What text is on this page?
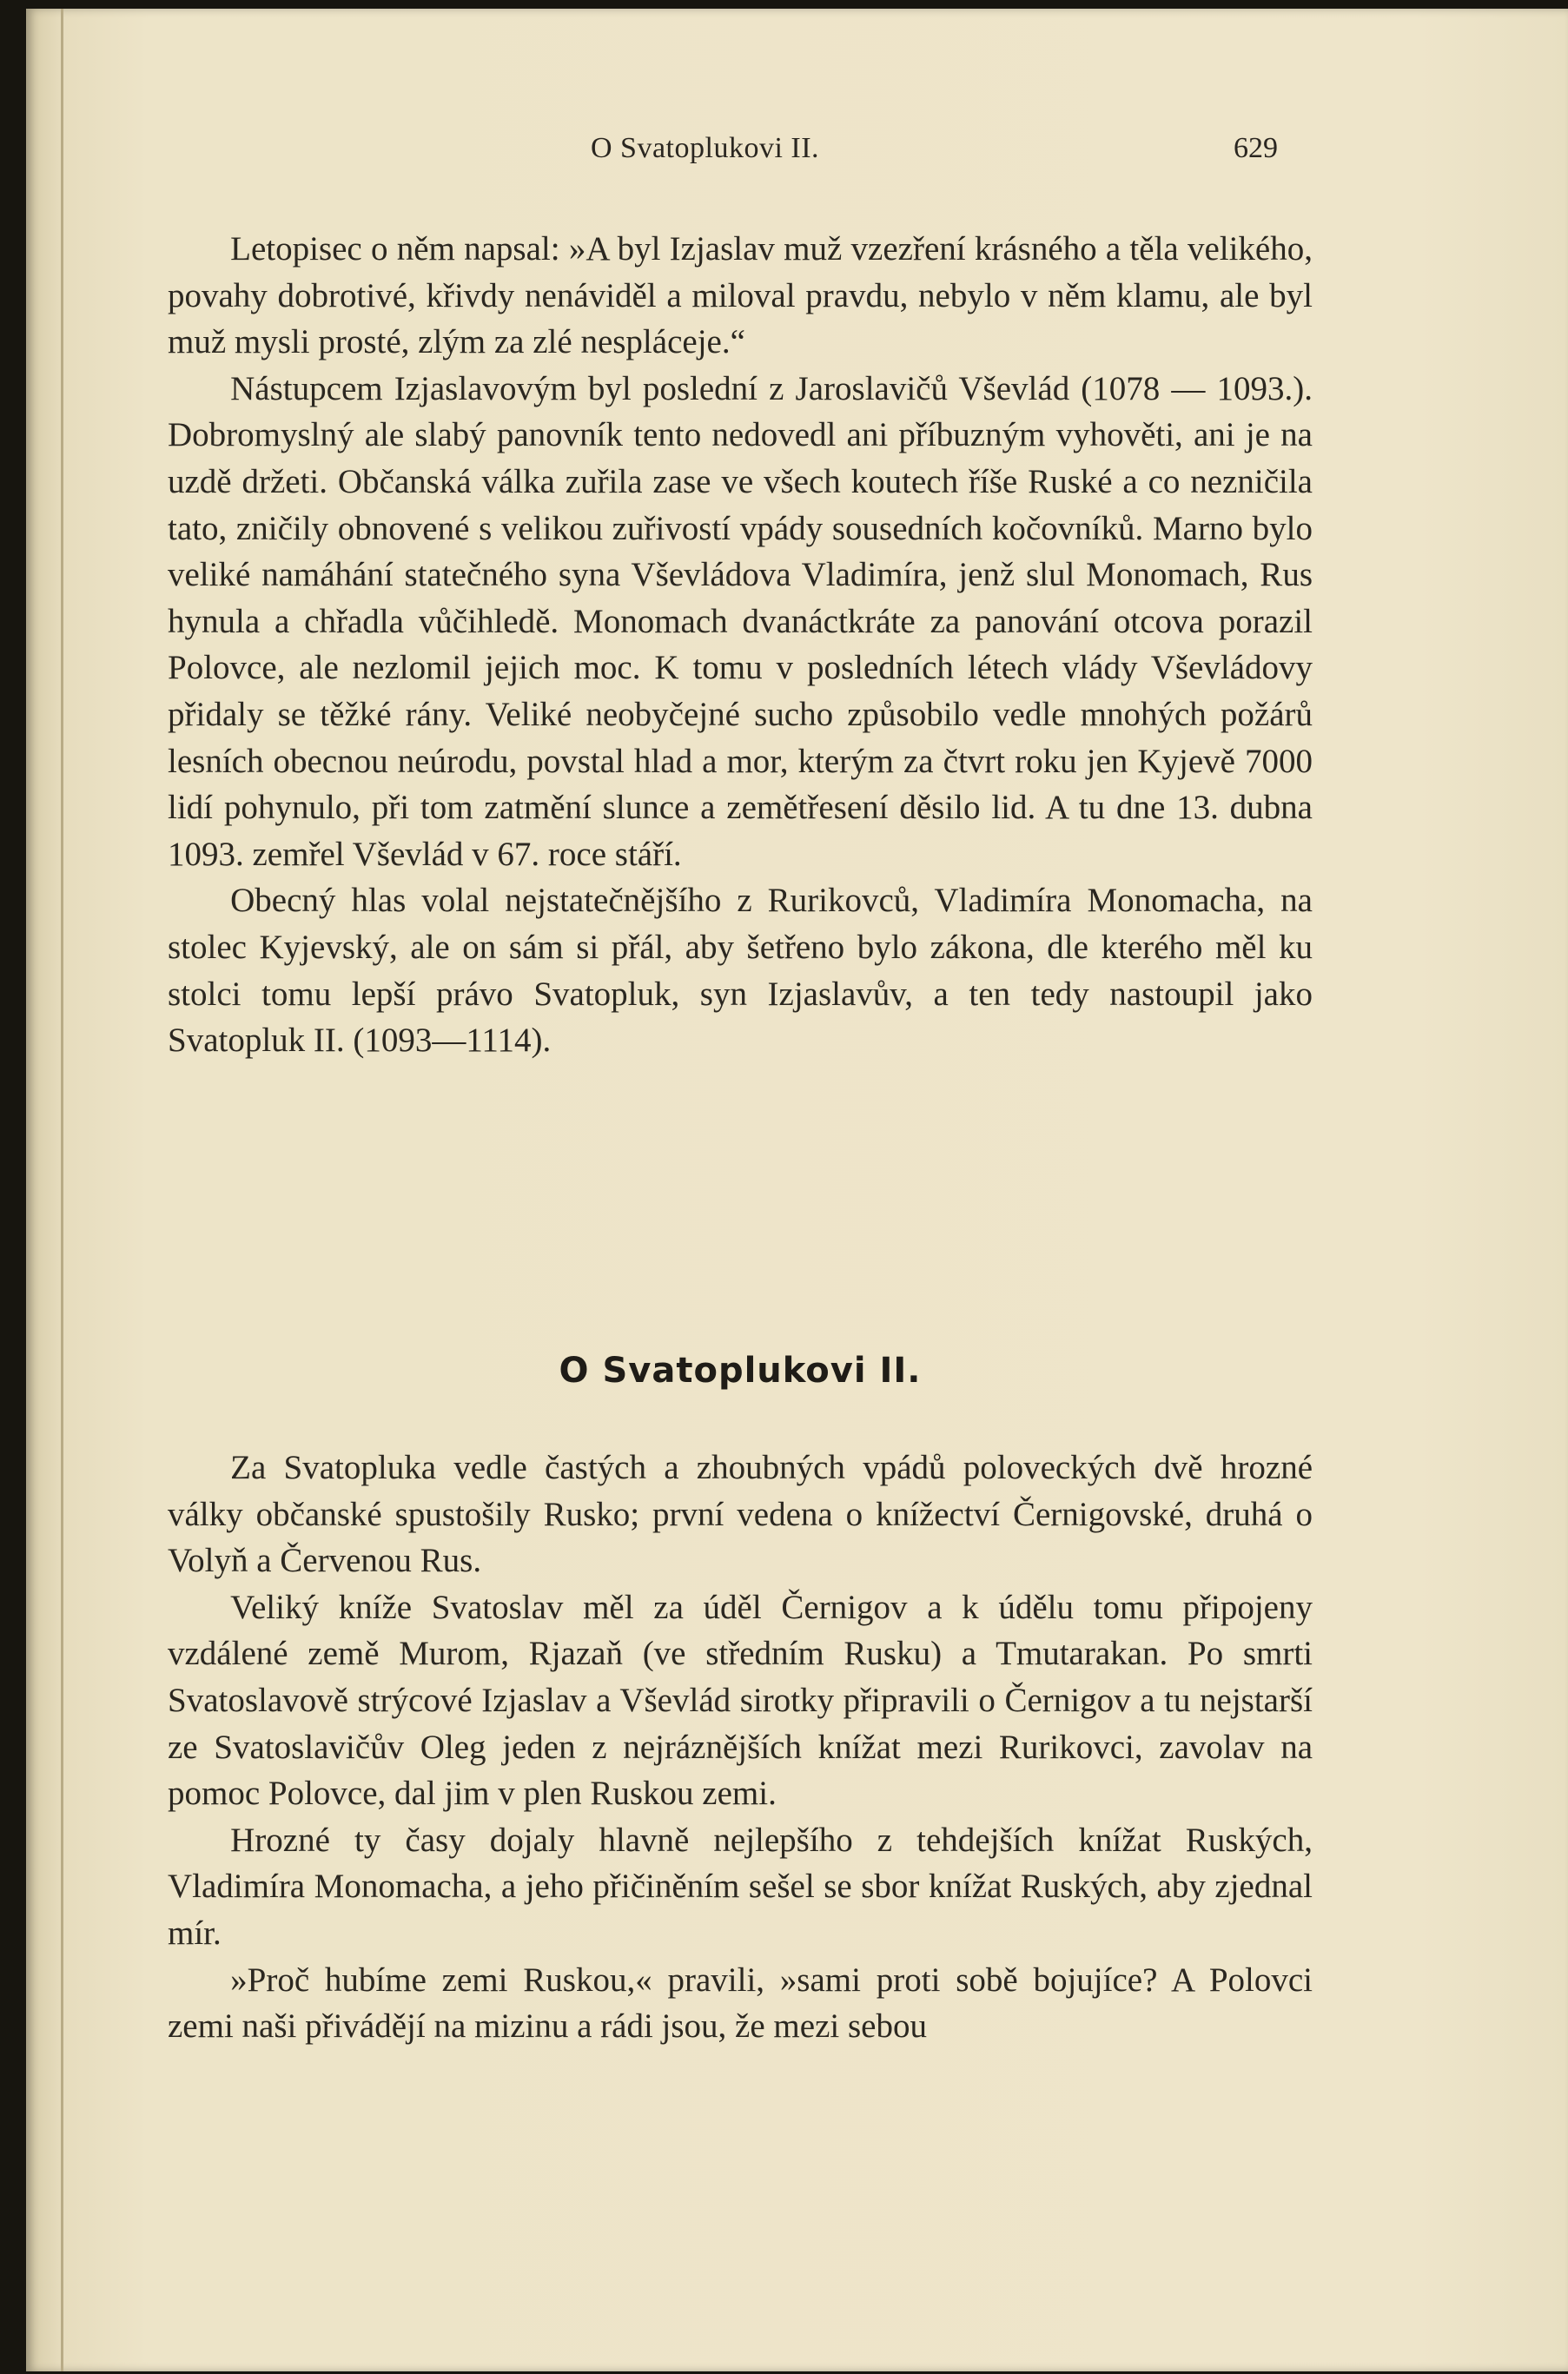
O Svatoplukovi II.	629

Letopisec o něm napsal: »A byl Izjaslav muž vzezření krásného a těla velikého, povahy dobrotivé, křivdy nenáviděl a miloval pravdu, nebylo v něm klamu, ale byl muž mysli prosté, zlým za zlé nespláceje.“

Nástupcem Izjaslavovým byl poslední z Jaroslavičů Vševlád (1078 — 1093.). Dobromyslný ale slabý panovník tento nedovedl ani příbuzným vyhověti, ani je na uzdě držeti. Občanská válka zuřila zase ve všech koutech říše Ruské a co nezničila tato, zničily obnovené s velikou zuřivostí vpády sousedních kočovníků. Marno bylo veliké namáhání statečného syna Vševládova Vladimíra, jenž slul Monomach, Rus hynula a chřadla vůčihledě. Monomach dvanáctkráte za panování otcova porazil Polovce, ale nezlomil jejich moc. K tomu v posledních létech vlády Vševládovy přidaly se těžké rány. Veliké neobyčejné sucho způsobilo vedle mnohých požárů lesních obecnou neúrodu, povstal hlad a mor, kterým za čtvrt roku jen Kyjevě 7000 lidí pohynulo, při tom zatmění slunce a zemětřesení děsilo lid. A tu dne 13. dubna 1093. zemřel Vševlád v 67. roce stáří.

Obecný hlas volal nejstatečnějšího z Rurikovců, Vladimíra Monomacha, na stolec Kyjevský, ale on sám si přál, aby šetřeno bylo zákona, dle kterého měl ku stolci tomu lepší právo Svatopluk, syn Izjaslavův, a ten tedy nastoupil jako Svatopluk II. (1093—1114).

O Svatoplukovi II.

Za Svatopluka vedle častých a zhoubných vpádů poloveckých dvě hrozné války občanské spustošily Rusko; první vedena o knížectví Černigovské, druhá o Volyň a Červenou Rus.

Veliký kníže Svatoslav měl za úděl Černigov a k údělu tomu připojeny vzdálené země Murom, Rjazaň (ve středním Rusku) a Tmutarakan. Po smrti Svatoslavově strýcové Izjaslav a Vševlád sirotky připravili o Černigov a tu nejstarší ze Svatoslavičův Oleg jeden z nejráznějších knížat mezi Rurikovci, zavolav na pomoc Polovce, dal jim v plen Ruskou zemi.

Hrozné ty časy dojaly hlavně nejlepšího z tehdejších knížat Ruských, Vladimíra Monomacha, a jeho přičiněním sešel se sbor knížat Ruských, aby zjednal mír.

»Proč hubíme zemi Ruskou,« pravili, »sami proti sobě bojujíce? A Polovci zemi naši přivádějí na mizinu a rádi jsou, že mezi sebou
